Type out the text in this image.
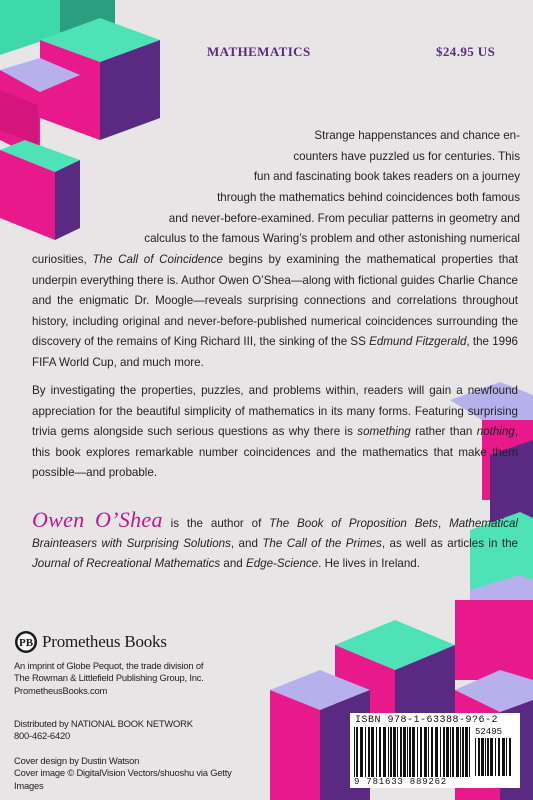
MATHEMATICS	$24.95 US
Strange happenstances and chance en-
counters have puzzled us for centuries. This
fun and fascinating book takes readers on a journey
through the mathematics behind coincidences both famous
and never-before-examined. From peculiar patterns in geometry and
calculus to the famous Waring’s problem and other astonishing numerical
curiosities, The Call of Coincidence begins by examining the mathematical properties that underpin everything there is. Author Owen O’Shea—along with fictional guides Charlie Chance and the enigmatic Dr. Moogle—reveals surprising connections and correlations throughout history, including original and never-before-published numerical coincidences surrounding the discovery of the remains of King Richard III, the sinking of the SS Edmund Fitzgerald, the 1996 FIFA World Cup, and much more.
By investigating the properties, puzzles, and problems within, readers will gain a newfound appreciation for the beautiful simplicity of mathematics in its many forms. Featuring surprising trivia gems alongside such serious questions as why there is something rather than nothing, this book explores remarkable number coincidences and the mathematics that make them possible—and probable.
Owen O’Shea is the author of The Book of Proposition Bets, Mathematical Brainteasers with Surprising Solutions, and The Call of the Primes, as well as articles in the Journal of Recreational Mathematics and Edge-Science. He lives in Ireland.
PB Prometheus Books
An imprint of Globe Pequot, the trade division of
The Rowman & Littlefield Publishing Group, Inc.
PrometheusBooks.com
Distributed by NATIONAL BOOK NETWORK
800-462-6420
Cover design by Dustin Watson
Cover image © DigitalVision Vectors/shuoshu via Getty Images
ISBN 978-1-63388-9?6-2
52495
9 781633 889262
